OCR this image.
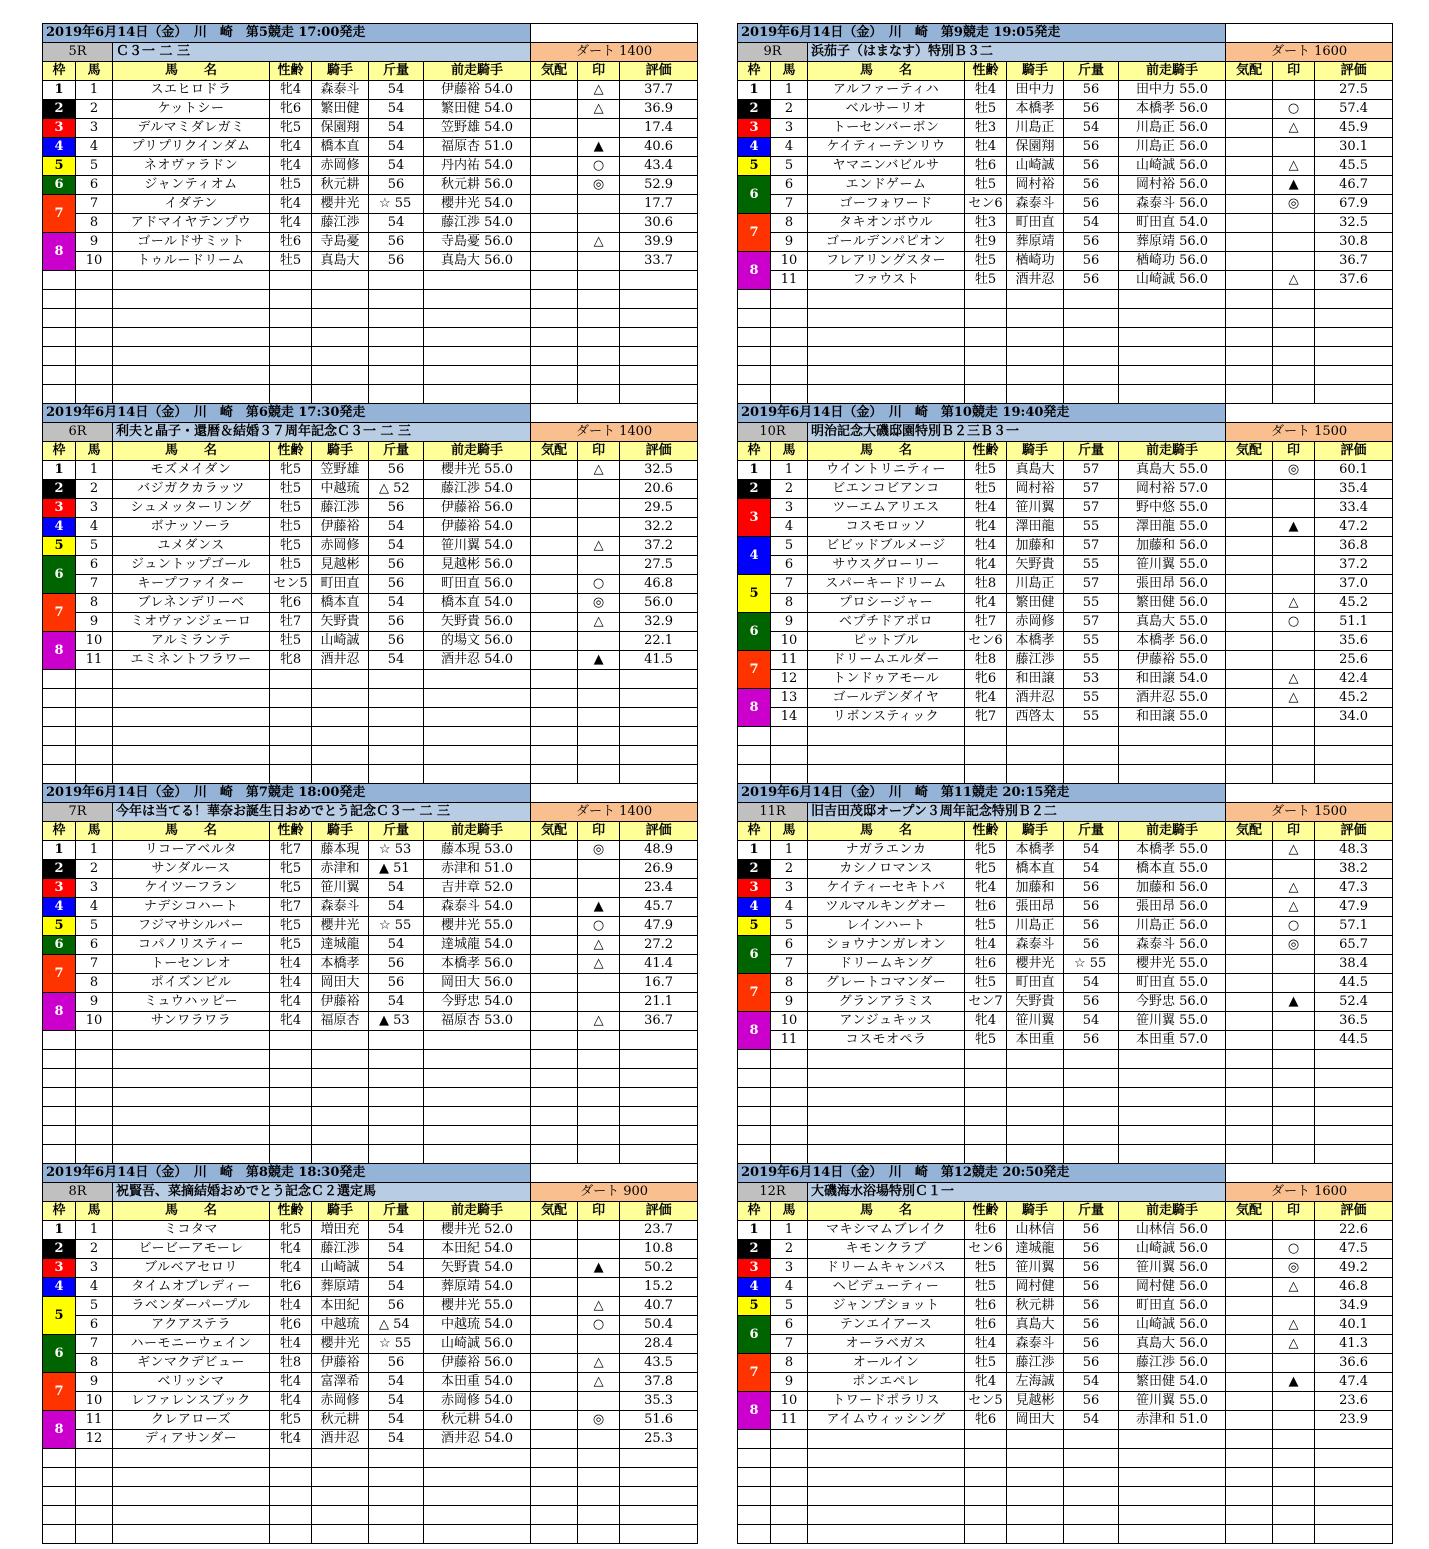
2019年6月14日（金）　川　崎　第5競走 17:00発走									
5R		Ｃ３一 二 三					ダート 1400		
枠	馬	馬　　名	性齢	騎手	斤量	前走騎手	気配	印	評価
1	1	スエヒロドラ	牝4	森泰斗	54	伊藤裕 54.0		△	37.7
2	2	ケットシー	牝6	繁田健	54	繁田健 54.0		△	36.9
3	3	デルマミダレガミ	牝5	保園翔	54	笠野雄 54.0			17.4
4	4	プリプリクインダム	牝4	橋本直	54	福原杏 51.0		▲	40.6
5	5	ネオヴァラドン	牝4	赤岡修	54	丹内祐 54.0		○	43.4
6	6	ジャンティオム	牡5	秋元耕	56	秋元耕 56.0		◎	52.9
7	7	イダテン	牝4	櫻井光	☆ 55	櫻井光 54.0			17.7
	8	アドマイヤテンプウ	牝4	藤江渉	54	藤江渉 54.0			30.6
8	9	ゴールドサミット	牡6	寺島憂	56	寺島憂 56.0		△	39.9
	10	トゥルードリーム	牡5	真島大	56	真島大 56.0			33.7

2019年6月14日（金）　川　崎　第9競走 19:05発走									
9R		浜茄子（はまなす）特別Ｂ３二					ダート 1600		
枠	馬	馬　　名	性齢	騎手	斤量	前走騎手	気配	印	評価
1	1	アルファーティハ	牡4	田中力	56	田中力 55.0			27.5
2	2	ベルサーリオ	牡5	本橋孝	56	本橋孝 56.0		○	57.4
3	3	トーセンバーボン	牡3	川島正	54	川島正 56.0		△	45.9
4	4	ケイティーテンリウ	牡4	保園翔	56	川島正 56.0			30.1
5	5	ヤマニンバビルサ	牡6	山崎誠	56	山崎誠 56.0		△	45.5
6	6	エンドゲーム	牡5	岡村裕	56	岡村裕 56.0		▲	46.7
	7	ゴーフォワード	セン6	森泰斗	56	森泰斗 56.0		◎	67.9
7	8	タキオンボウル	牡3	町田直	54	町田直 54.0			32.5
	9	ゴールデンパピオン	牡9	葬原靖	56	葬原靖 56.0			30.8
8	10	フレアリングスター	牡5	楢崎功	56	楢崎功 56.0			36.7
	11	ファウスト	牡5	酒井忍	56	山崎誠 56.0		△	37.6

2019年6月14日（金）　川　崎　第6競走 17:30発走									
6R		利夫と晶子・還暦＆結婚３７周年記念Ｃ３一 二 三					ダート 1400		
枠	馬	馬　　名	性齢	騎手	斤量	前走騎手	気配	印	評価
1	1	モズメイダン	牝5	笠野雄	56	櫻井光 55.0		△	32.5
2	2	バジガクカラッツ	牡5	中越琉	△ 52	藤江渉 54.0			20.6
3	3	シュメッターリング	牡5	藤江渉	56	伊藤裕 56.0			29.5
4	4	ボナッソーラ	牡5	伊藤裕	54	伊藤裕 54.0			32.2
5	5	ユメダンス	牝5	赤岡修	54	笹川翼 54.0		△	37.2
6	6	ジュントップゴール	牡5	見越彬	56	見越彬 56.0			27.5
	7	キープファイター	セン5	町田直	56	町田直 56.0		○	46.8
7	8	ブレネンデリーベ	牝6	橋本直	54	橋本直 54.0		◎	56.0
	9	ミオヴァンジェーロ	牡7	矢野貴	56	矢野貴 56.0		△	32.9
8	10	アルミランテ	牡5	山崎誠	56	的場文 56.0			22.1
	11	エミネントフラワー	牝8	酒井忍	54	酒井忍 54.0		▲	41.5

2019年6月14日（金）　川　崎　第10競走 19:40発走									
10R		明治記念大磯邸園特別Ｂ２三Ｂ３一					ダート 1500		
枠	馬	馬　　名	性齢	騎手	斤量	前走騎手	気配	印	評価
1	1	ウイントリニティー	牡5	真島大	57	真島大 55.0		◎	60.1
2	2	ビエンコビアンコ	牡5	岡村裕	57	岡村裕 57.0			35.4
3	3	ツーエムアリエス	牡4	笹川翼	57	野中悠 55.0			33.4
	4	コスモロッソ	牝4	澤田龍	55	澤田龍 55.0		▲	47.2
4	5	ビビッドブルメージ	牡4	加藤和	57	加藤和 56.0			36.8
	6	サウスグローリー	牝4	矢野貴	55	笹川翼 55.0			37.2
5	7	スパーキードリーム	牡8	川島正	57	張田昂 56.0			37.0
	8	プロシージャー	牝4	繁田健	55	繁田健 56.0		△	45.2
6	9	ベプチドアポロ	牡7	赤岡修	57	真島大 55.0		○	51.1
	10	ピットブル	セン6	本橋孝	55	本橋孝 56.0			35.6
7	11	ドリームエルダー	牡8	藤江渉	55	伊藤裕 55.0			25.6
	12	トンドゥアモール	牝6	和田譲	53	和田譲 54.0		△	42.4
8	13	ゴールデンダイヤ	牝4	酒井忍	55	酒井忍 55.0		△	45.2
	14	リボンスティック	牝7	西啓太	55	和田譲 55.0			34.0

2019年6月14日（金）　川　崎　第7競走 18:00発走									
7R		今年は当てる！華奈お誕生日おめでとう記念Ｃ３一 二 三					ダート 1400		
枠	馬	馬　　名	性齢	騎手	斤量	前走騎手	気配	印	評価
1	1	リコーアベルタ	牝7	藤本現	☆ 53	藤本現 53.0		◎	48.9
2	2	サンダルース	牝5	赤津和	▲ 51	赤津和 51.0			26.9
3	3	ケイツーフラン	牝5	笹川翼	54	吉井章 52.0			23.4
4	4	ナデシコハート	牝7	森泰斗	54	森泰斗 54.0		▲	45.7
5	5	フジマサシルバー	牝5	櫻井光	☆ 55	櫻井光 55.0		○	47.9
6	6	コパノリスティー	牝5	達城龍	54	達城龍 54.0		△	27.2
7	7	トーセンレオ	牡4	本橋孝	56	本橋孝 56.0		△	41.4
	8	ポイズンピル	牡4	岡田大	56	岡田大 56.0			16.7
8	9	ミュウハッピー	牝4	伊藤裕	54	今野忠 54.0			21.1
	10	サンワラワラ	牝4	福原杏	▲ 53	福原杏 53.0		△	36.7

2019年6月14日（金）　川　崎　第11競走 20:15発走									
11R		旧吉田茂邸オープン３周年記念特別Ｂ２二					ダート 1500		
枠	馬	馬　　名	性齢	騎手	斤量	前走騎手	気配	印	評価
1	1	ナガラエンカ	牝5	本橋孝	54	本橋孝 55.0		△	48.3
2	2	カシノロマンス	牝5	橋本直	54	橋本直 55.0			38.2
3	3	ケイティーセキトバ	牝4	加藤和	56	加藤和 56.0		△	47.3
4	4	ツルマルキングオー	牡6	張田昂	56	張田昂 56.0		△	47.9
5	5	レインハート	牡5	川島正	56	川島正 56.0		○	57.1
6	6	ショウナンガレオン	牡4	森泰斗	56	森泰斗 56.0		◎	65.7
	7	ドリームキング	牡6	櫻井光	☆ 55	櫻井光 55.0			38.4
7	8	グレートコマンダー	牡5	町田直	54	町田直 55.0			44.5
	9	グランアラミス	セン7	矢野貴	56	今野忠 56.0		▲	52.4
8	10	アンジュキッス	牝4	笹川翼	54	笹川翼 55.0			36.5
	11	コスモオペラ	牝5	本田重	56	本田重 57.0			44.5

2019年6月14日（金）　川　崎　第8競走 18:30発走									
8R		祝賢吾、菜摘結婚おめでとう記念Ｃ２選定馬					ダート 900		
枠	馬	馬　　名	性齢	騎手	斤量	前走騎手	気配	印	評価
1	1	ミコタマ	牝5	増田充	54	櫻井光 52.0			23.7
2	2	ビービーアモーレ	牝4	藤江渉	54	本田紀 54.0			10.8
3	3	ブルベアセロリ	牝4	山崎誠	54	矢野貴 54.0		▲	50.2
4	4	タイムオブレディー	牝6	葬原靖	54	葬原靖 54.0			15.2
5	5	ラベンダーパープル	牡4	本田紀	56	櫻井光 55.0		△	40.7
	6	アクアステラ	牝6	中越琉	△ 54	中越琉 54.0		○	50.4
6	7	ハーモニーウェイン	牡4	櫻井光	☆ 55	山崎誠 56.0			28.4
	8	ギンマクデビュー	牡8	伊藤裕	56	伊藤裕 56.0		△	43.5
7	9	ベリッシマ	牝4	富澤希	54	本田重 54.0		△	37.8
	10	レファレンスブック	牝4	赤岡修	54	赤岡修 54.0			35.3
8	11	クレアローズ	牝5	秋元耕	54	秋元耕 54.0		◎	51.6
	12	ディアサンダー	牝4	酒井忍	54	酒井忍 54.0			25.3

2019年6月14日（金）　川　崎　第12競走 20:50発走									
12R		大磯海水浴場特別Ｃ１一					ダート 1600		
枠	馬	馬　　名	性齢	騎手	斤量	前走騎手	気配	印	評価
1	1	マキシマムブレイク	牡6	山林信	56	山林信 56.0			22.6
2	2	キモンクラブ	セン6	達城龍	56	山崎誠 56.0		○	47.5
3	3	ドリームキャンパス	牡5	笹川翼	56	笹川翼 56.0		◎	49.2
4	4	ヘビデューティー	牡5	岡村健	56	岡村健 56.0		△	46.8
5	5	ジャンプショット	牡6	秋元耕	56	町田直 56.0			34.9
6	6	テンエイアース	牡6	真島大	56	山崎誠 56.0		△	40.1
	7	オーラベガス	牡4	森泰斗	56	真島大 56.0		△	41.3
7	8	オールイン	牡5	藤江渉	56	藤江渉 56.0			36.6
	9	ポンエペレ	牝4	左海誠	54	繁田健 54.0		▲	47.4
8	10	トワードポラリス	セン5	見越彬	56	笹川翼 55.0			23.6
	11	アイムウィッシング	牝6	岡田大	54	赤津和 51.0			23.9
